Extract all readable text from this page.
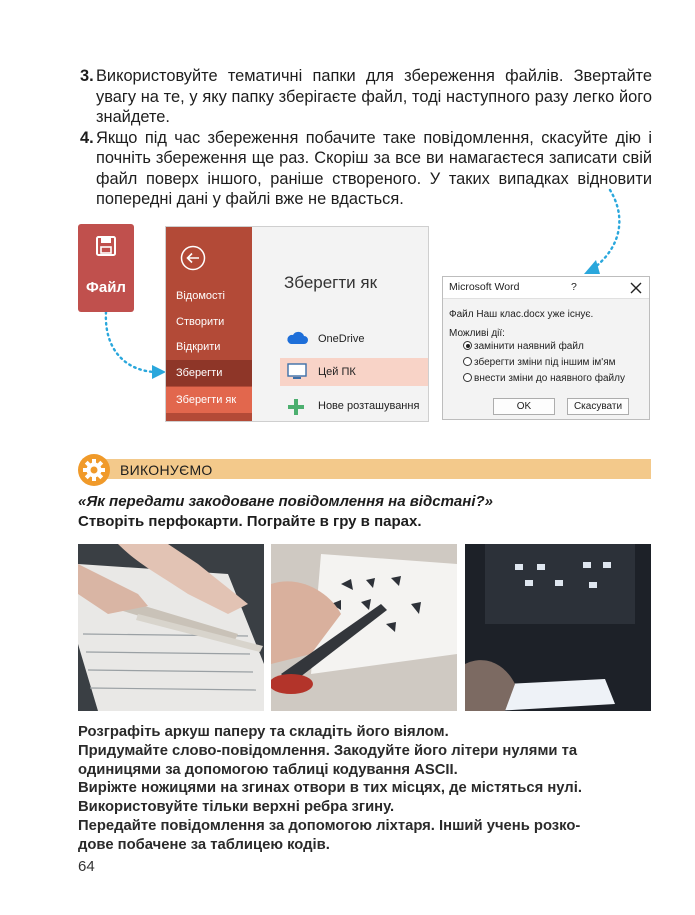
3. Використовуйте тематичні папки для збереження файлів. Звертайте увагу на те, у яку папку зберігаєте файл, тоді наступного разу легко його знайдете.
4. Якщо під час збереження побачите таке повідомлення, скасуйте дію і почніть збереження ще раз. Скоріш за все ви намагаєтеся записати свій файл поверх іншого, раніше створеного. У таких випадках відновити попередні дані у файлі вже не вдасться.
Файл	Відомості
Створити
Відкрити
Зберегти
Зберегти як
Зберегти як
OneDrive
Цей ПК
Нове розташування
Microsoft Word	?
Файл Наш клас.docx уже існує.
Можливі дії:
замінити наявний файл
зберегти зміни під іншим ім'ям
внести зміни до наявного файлу
OK	Скасувати
ВИКОНУЄМО
«Як передати закодоване повідомлення на відстані?»
Створіть перфокарти. Пограйте в гру в парах.
Розграфіть аркуш паперу та складіть його віялом.
Придумайте слово-повідомлення. Закодуйте його літери нулями та
одиницями за допомогою таблиці кодування ASCII.
Виріжте ножицями на згинах отвори в тих місцях, де містяться нулі.
Використовуйте тільки верхні ребра згину.
Передайте повідомлення за допомогою ліхтаря. Інший учень розко-
дове побачене за таблицею кодів.
64
